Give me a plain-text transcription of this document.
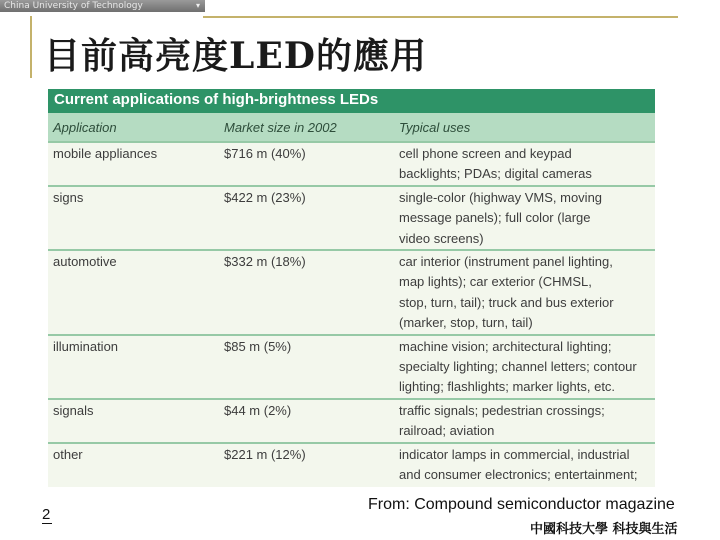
China University of Technology	▾
目前高亮度LED的應用
Current applications of high-brightness LEDs
Application	Market size in 2002	Typical uses
mobile appliances	$716 m (40%)	cell phone screen and keypad
backlights; PDAs; digital cameras
signs	$422 m (23%)	single-color (highway VMS, moving
message panels); full color (large
video screens)
automotive	$332 m (18%)	car interior (instrument panel lighting,
map lights); car exterior (CHMSL,
stop, turn, tail); truck and bus exterior
(marker, stop, turn, tail)
illumination	$85 m (5%)	machine vision; architectural lighting;
specialty lighting; channel letters; contour
lighting; flashlights; marker lights, etc.
signals	$44 m (2%)	traffic signals; pedestrian crossings;
railroad; aviation
other	$221 m (12%)	indicator lamps in commercial, industrial
and consumer electronics; entertainment;
2
From: Compound semiconductor magazine
中國科技大學 科技與生活
